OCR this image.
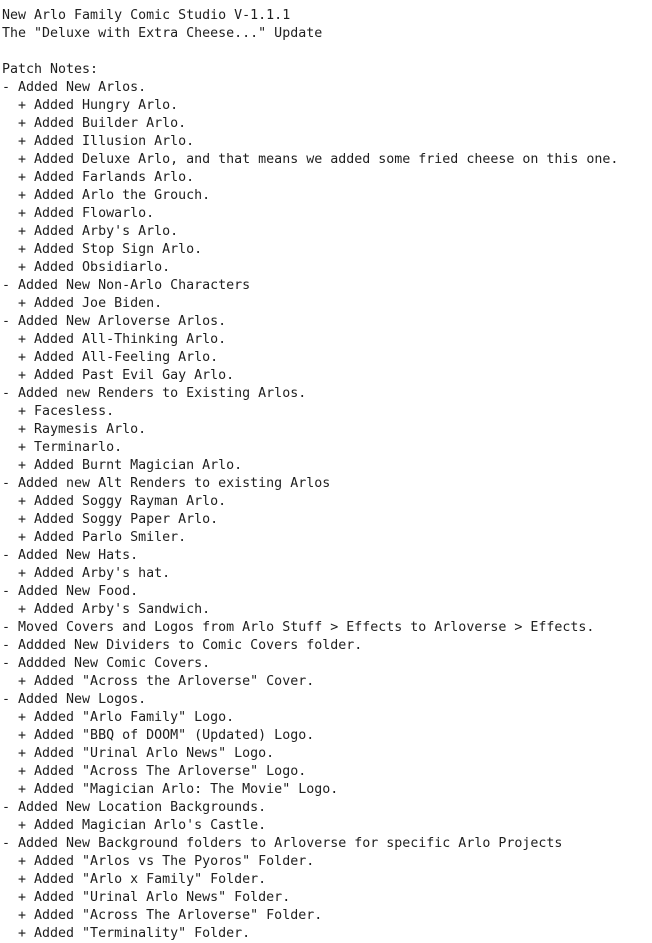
New Arlo Family Comic Studio V-1.1.1
The "Deluxe with Extra Cheese..." Update
Patch Notes:
- Added New Arlos.
+ Added Hungry Arlo.
+ Added Builder Arlo.
+ Added Illusion Arlo.
+ Added Deluxe Arlo, and that means we added some fried cheese on this one.
+ Added Farlands Arlo.
+ Added Arlo the Grouch.
+ Added Flowarlo.
+ Added Arby's Arlo.
+ Added Stop Sign Arlo.
+ Added Obsidiarlo.
- Added New Non-Arlo Characters
+ Added Joe Biden.
- Added New Arloverse Arlos.
+ Added All-Thinking Arlo.
+ Added All-Feeling Arlo.
+ Added Past Evil Gay Arlo.
- Added new Renders to Existing Arlos.
+ Facesless.
+ Raymesis Arlo.
+ Terminarlo.
+ Added Burnt Magician Arlo.
- Added new Alt Renders to existing Arlos
+ Added Soggy Rayman Arlo.
+ Added Soggy Paper Arlo.
+ Added Parlo Smiler.
- Added New Hats.
+ Added Arby's hat.
- Added New Food.
+ Added Arby's Sandwich.
- Moved Covers and Logos from Arlo Stuff > Effects to Arloverse > Effects.
- Addded New Dividers to Comic Covers folder.
- Addded New Comic Covers.
+ Added "Across the Arloverse" Cover.
- Added New Logos.
+ Added "Arlo Family" Logo.
+ Added "BBQ of DOOM" (Updated) Logo.
+ Added "Urinal Arlo News" Logo.
+ Added "Across The Arloverse" Logo.
+ Added "Magician Arlo: The Movie" Logo.
- Added New Location Backgrounds.
+ Added Magician Arlo's Castle.
- Added New Background folders to Arloverse for specific Arlo Projects
+ Added "Arlos vs The Pyoros" Folder.
+ Added "Arlo x Family" Folder.
+ Added "Urinal Arlo News" Folder.
+ Added "Across The Arloverse" Folder.
+ Added "Terminality" Folder.
